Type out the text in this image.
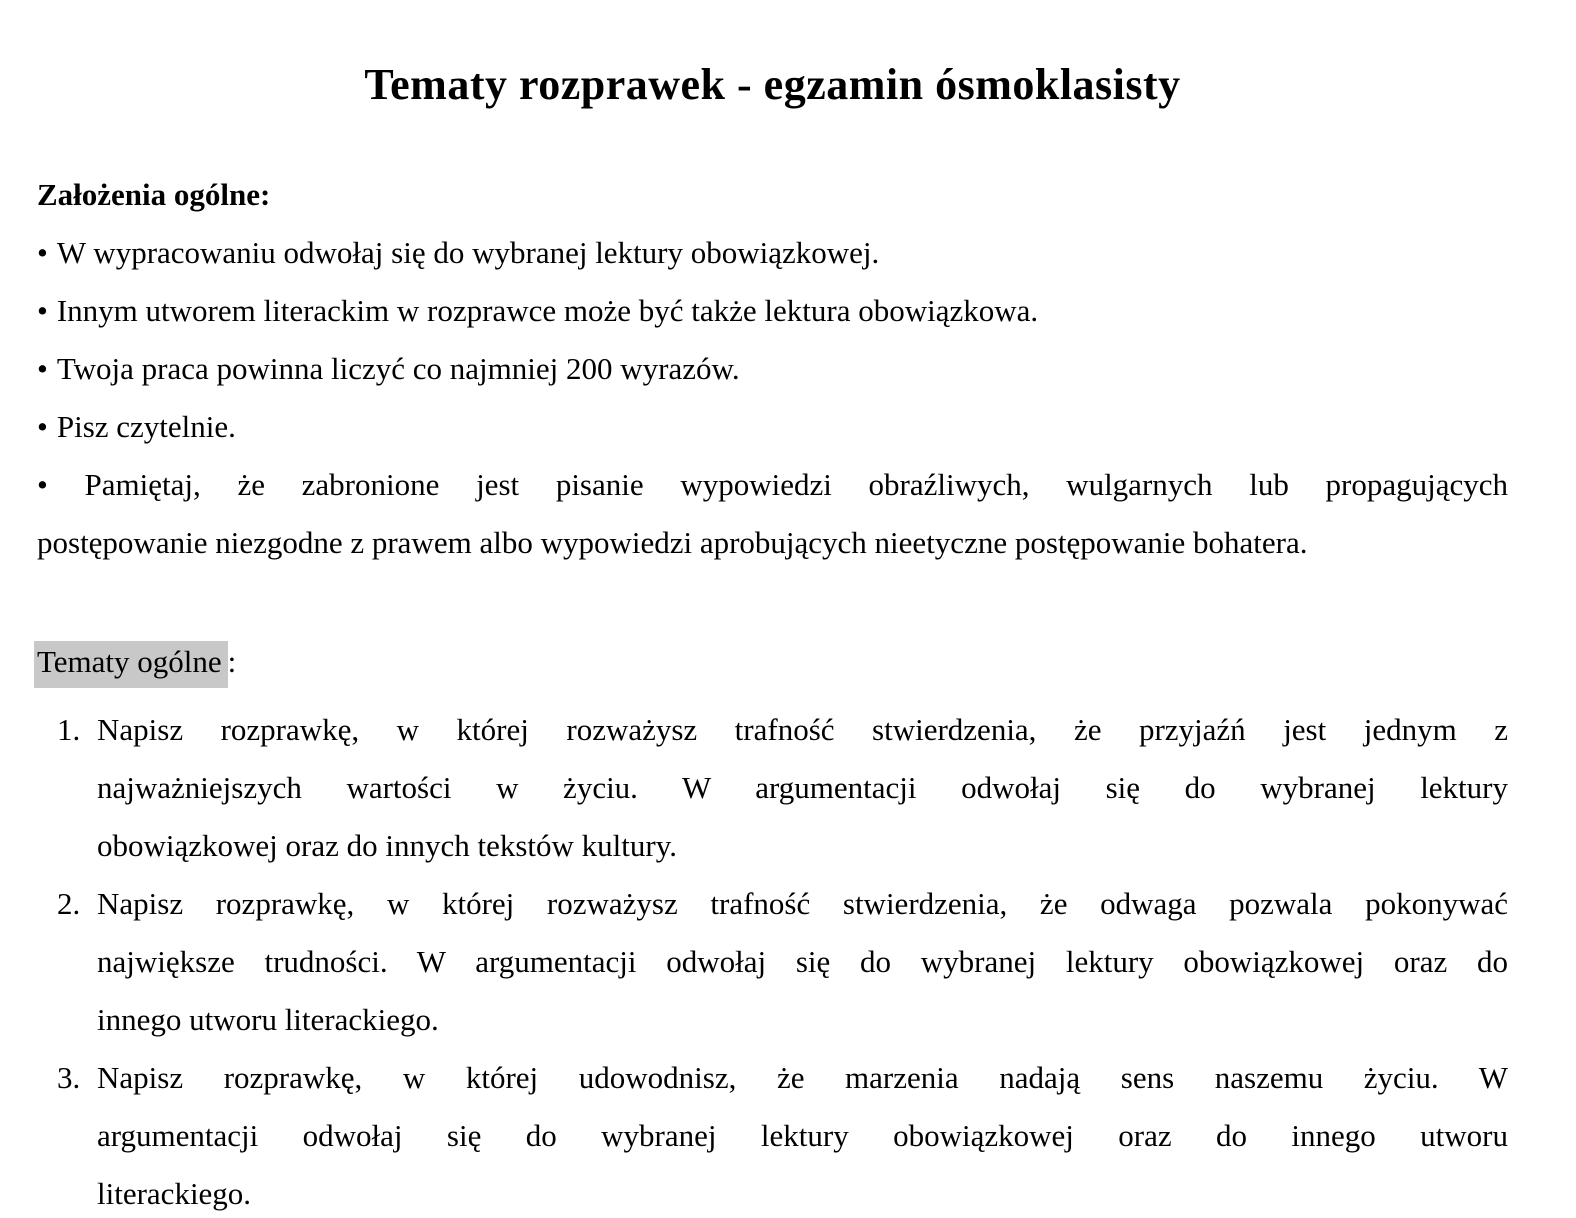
Tematy rozprawek - egzamin ósmoklasisty
Założenia ogólne:
• W wypracowaniu odwołaj się do wybranej lektury obowiązkowej.
• Innym utworem literackim w rozprawce może być także lektura obowiązkowa.
• Twoja praca powinna liczyć co najmniej 200 wyrazów.
• Pisz czytelnie.
• Pamiętaj, że zabronione jest pisanie wypowiedzi obraźliwych, wulgarnych lub propagujących
postępowanie niezgodne z prawem albo wypowiedzi aprobujących nieetyczne postępowanie bohatera.
Tematy ogólne :
1. Napisz rozprawkę, w której rozważysz trafność stwierdzenia, że przyjaźń jest jednym z
najważniejszych wartości w życiu. W argumentacji odwołaj się do wybranej lektury
obowiązkowej oraz do innych tekstów kultury.
2. Napisz rozprawkę, w której rozważysz trafność stwierdzenia, że odwaga pozwala pokonywać
największe trudności. W argumentacji odwołaj się do wybranej lektury obowiązkowej oraz do
innego utworu literackiego.
3. Napisz rozprawkę, w której udowodnisz, że marzenia nadają sens naszemu życiu. W
argumentacji odwołaj się do wybranej lektury obowiązkowej oraz do innego utworu
literackiego.
